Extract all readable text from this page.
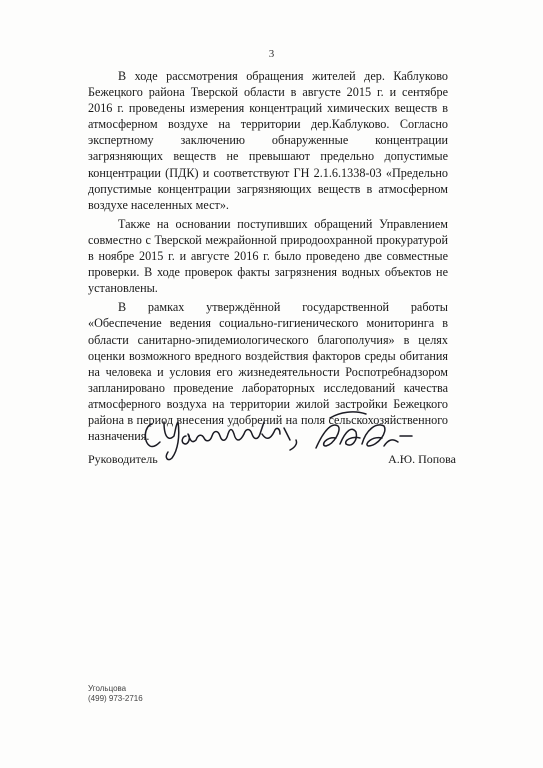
3

В ходе рассмотрения обращения жителей дер. Каблуково Бежецкого района Тверской области в августе 2015 г. и сентябре 2016 г. проведены измерения концентраций химических веществ в атмосферном воздухе на территории дер.Каблуково. Согласно экспертному заключению обнаруженные концентрации загрязняющих веществ не превышают предельно допустимые концентрации (ПДК) и соответствуют ГН 2.1.6.1338-03 «Предельно допустимые концентрации загрязняющих веществ в атмосферном воздухе населенных мест».

Также на основании поступивших обращений Управлением совместно с Тверской межрайонной природоохранной прокуратурой в ноябре 2015 г. и августе 2016 г. было проведено две совместные проверки. В ходе проверок факты загрязнения водных объектов не установлены.

В рамках утверждённой государственной работы «Обеспечение ведения социально-гигиенического мониторинга в области санитарно-эпидемиологического благополучия» в целях оценки возможного вредного воздействия факторов среды обитания на человека и условия его жизнедеятельности Роспотребнадзором запланировано проведение лабораторных исследований качества атмосферного воздуха на территории жилой застройки Бежецкого района в период внесения удобрений на поля сельскохозяйственного назначения.

Руководитель	А.Ю. Попова
Угольцова
(499) 973-2716
